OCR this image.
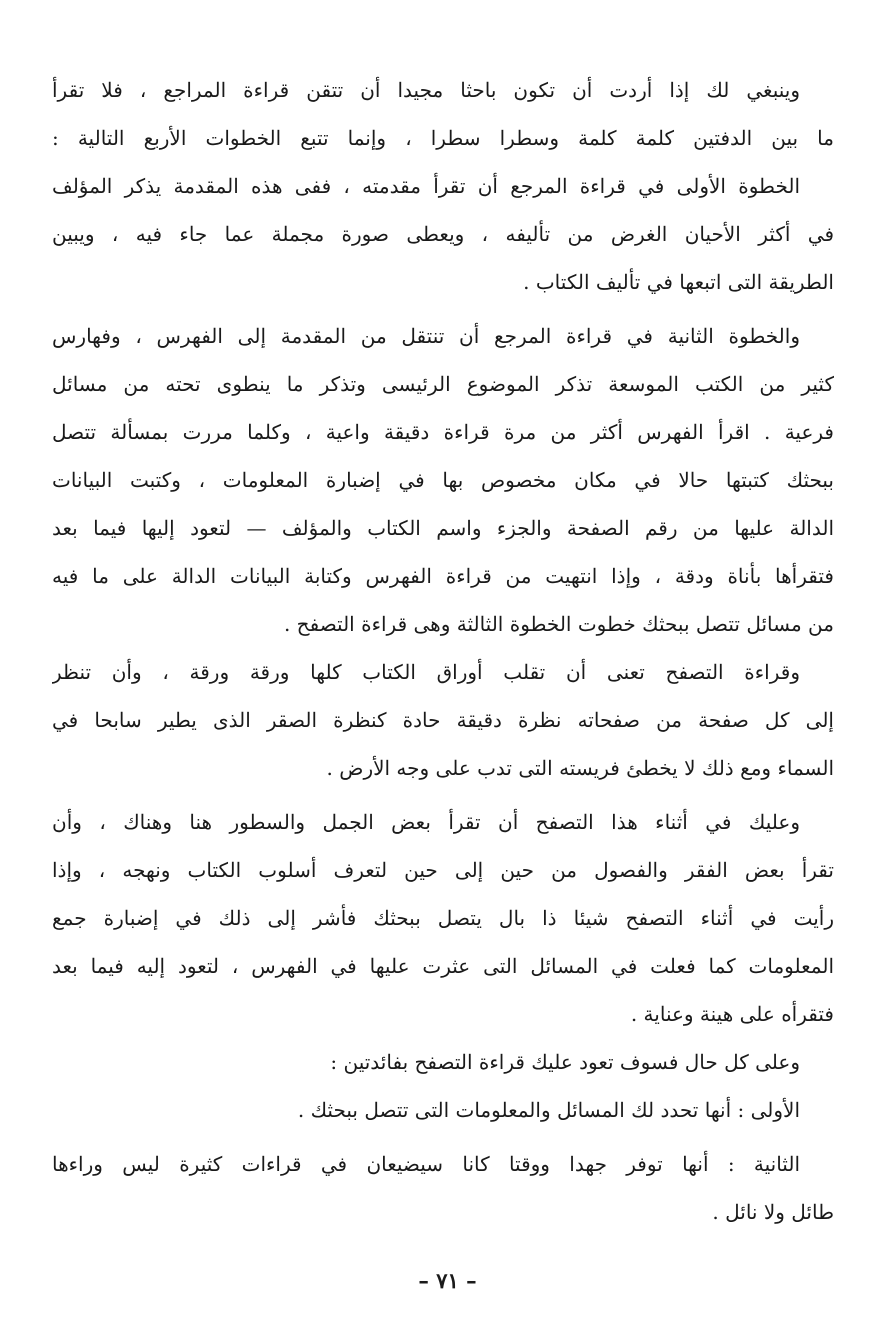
وينبغي لك إذا أردت أن تكون باحثا مجيدا أن تتقن قراءة المراجع ، فلا تقرأ
ما بين الدفتين كلمة كلمة وسطرا سطرا ، وإنما تتبع الخطوات الأربع التالية :
الخطوة الأولى في قراءة المرجع أن تقرأ مقدمته ، ففى هذه المقدمة يذكر المؤلف
في أكثر الأحيان الغرض من تأليفه ، ويعطى صورة مجملة عما جاء فيه ، ويبين
الطريقة التى اتبعها في تأليف الكتاب .
والخطوة الثانية في قراءة المرجع أن تنتقل من المقدمة إلى الفهرس ، وفهارس
كثير من الكتب الموسعة تذكر الموضوع الرئيسى وتذكر ما ينطوى تحته من مسائل
فرعية . اقرأ الفهرس أكثر من مرة قراءة دقيقة واعية ، وكلما مررت بمسألة تتصل
ببحثك كتبتها حالا في مكان مخصوص بها في إضبارة المعلومات ، وكتبت البيانات
الدالة عليها من رقم الصفحة والجزء واسم الكتاب والمؤلف — لتعود إليها فيما بعد
فتقرأها بأناة ودقة ، وإذا انتهيت من قراءة الفهرس وكتابة البيانات الدالة على ما فيه
من مسائل تتصل ببحثك خطوت الخطوة الثالثة وهى قراءة التصفح .
وقراءة التصفح تعنى أن تقلب أوراق الكتاب كلها ورقة ورقة ، وأن تنظر
إلى كل صفحة من صفحاته نظرة دقيقة حادة كنظرة الصقر الذى يطير سابحا في
السماء ومع ذلك لا يخطئ فريسته التى تدب على وجه الأرض .
وعليك في أثناء هذا التصفح أن تقرأ بعض الجمل والسطور هنا وهناك ، وأن
تقرأ بعض الفقر والفصول من حين إلى حين لتعرف أسلوب الكتاب ونهجه ، وإذا
رأيت في أثناء التصفح شيئا ذا بال يتصل ببحثك فأشر إلى ذلك في إضبارة جمع
المعلومات كما فعلت في المسائل التى عثرت عليها في الفهرس ، لتعود إليه فيما بعد
فتقرأه على هينة وعناية .
وعلى كل حال فسوف تعود عليك قراءة التصفح بفائدتين :
الأولى : أنها تحدد لك المسائل والمعلومات التى تتصل ببحثك .
الثانية : أنها توفر جهدا ووقتا كانا سيضيعان في قراءات كثيرة ليس وراءها
طائل ولا نائل .
– ٧١ –
